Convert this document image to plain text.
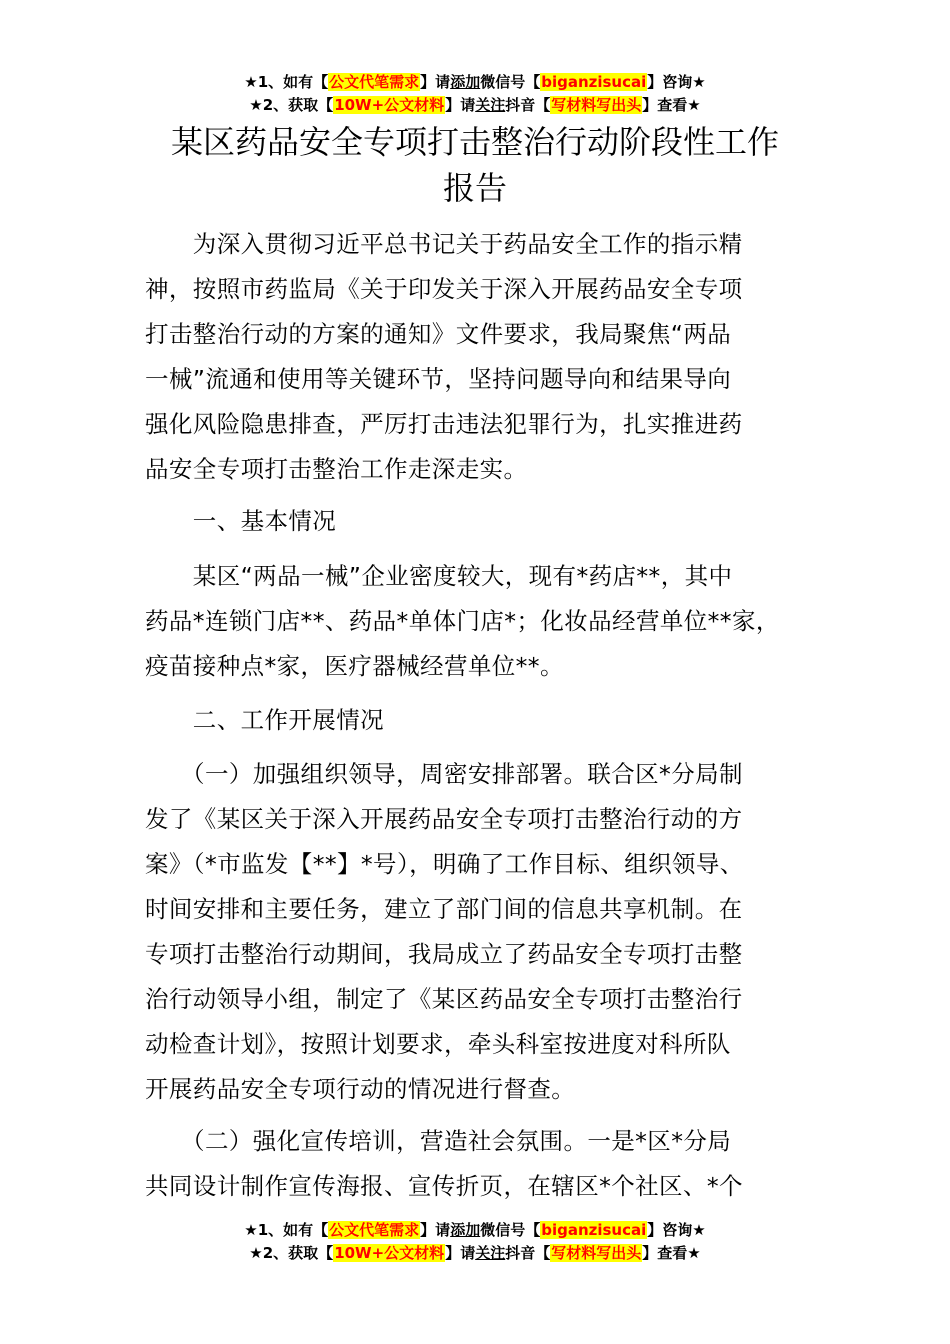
★1、如有【公文代笔需求】请添加微信号【biganzisucai】咨询★
★2、获取【10W+公文材料】请关注抖音【写材料写出头】查看★
某区药品安全专项打击整治行动阶段性工作
报告
　　为深入贯彻习近平总书记关于药品安全工作的指示精
神，按照市药监局《关于印发关于深入开展药品安全专项
打击整治行动的方案的通知》文件要求，我局聚焦“两品
一械”流通和使用等关键环节，坚持问题导向和结果导向
强化风险隐患排查，严厉打击违法犯罪行为，扎实推进药
品安全专项打击整治工作走深走实。
　　一、基本情况
　　某区“两品一械”企业密度较大，现有*药店**，其中
药品*连锁门店**、药品*单体门店*；化妆品经营单位**家，
疫苗接种点*家，医疗器械经营单位**。
　　二、工作开展情况
　　（一）加强组织领导，周密安排部署。联合区*分局制
发了《某区关于深入开展药品安全专项打击整治行动的方
案》（*市监发【**】*号），明确了工作目标、组织领导、
时间安排和主要任务，建立了部门间的信息共享机制。在
专项打击整治行动期间，我局成立了药品安全专项打击整
治行动领导小组，制定了《某区药品安全专项打击整治行
动检查计划》，按照计划要求，牵头科室按进度对科所队
开展药品安全专项行动的情况进行督查。
　　（二）强化宣传培训，营造社会氛围。一是*区*分局
共同设计制作宣传海报、宣传折页，在辖区*个社区、*个
★1、如有【公文代笔需求】请添加微信号【biganzisucai】咨询★
★2、获取【10W+公文材料】请关注抖音【写材料写出头】查看★
